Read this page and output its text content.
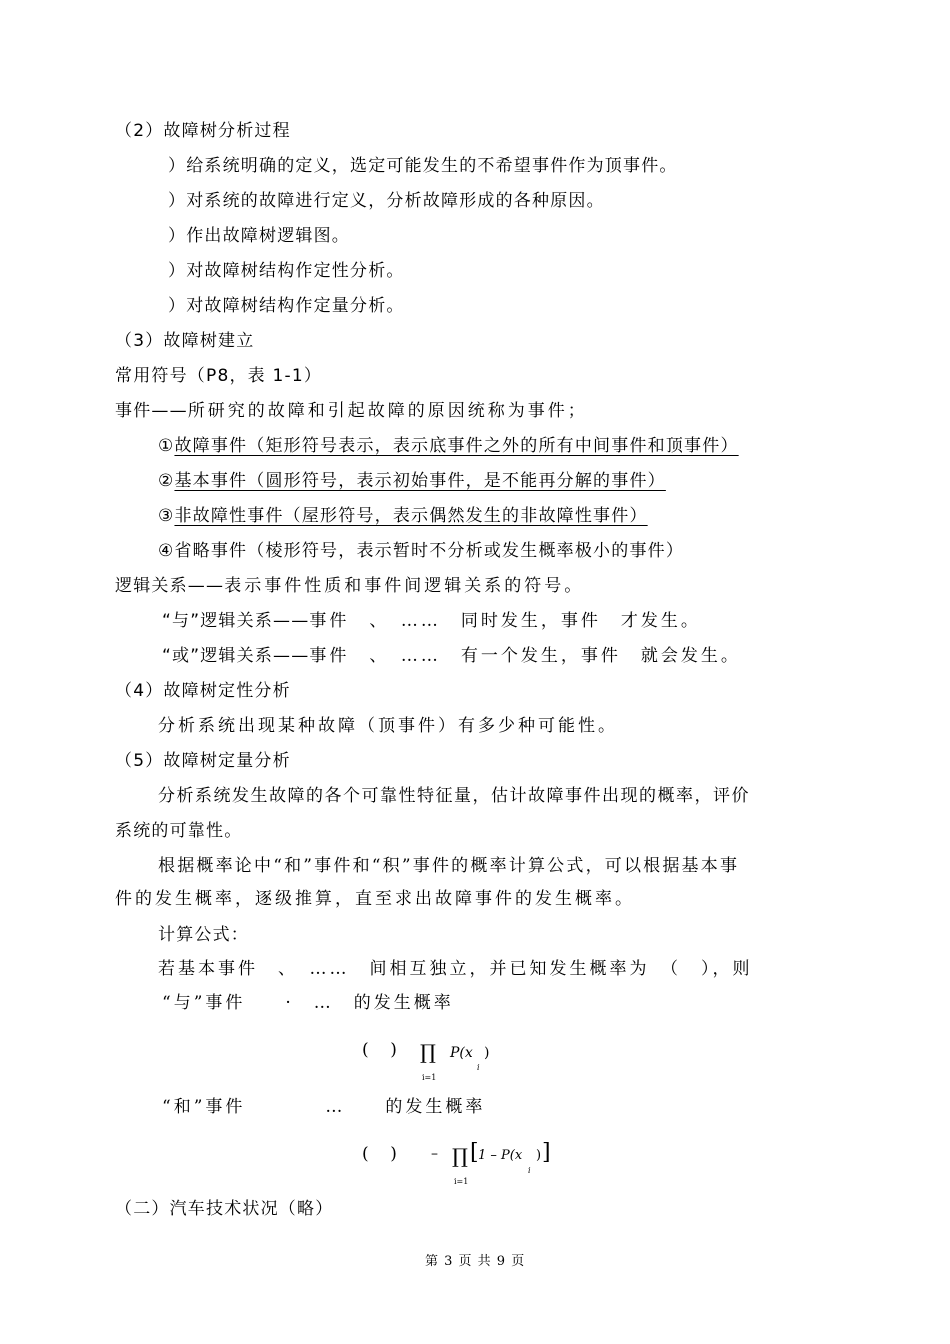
（2）故障树分析过程
）给系统明确的定义，选定可能发生的不希望事件作为顶事件。
）对系统的故障进行定义，分析故障形成的各种原因。
）作出故障树逻辑图。
）对故障树结构作定性分析。
）对故障树结构作定量分析。
（3）故障树建立
常用符号（P8，表 1-1）
事件——所研究的故障和引起故障的原因统称为事件；
①故障事件（矩形符号表示，表示底事件之外的所有中间事件和顶事件）
②基本事件（圆形符号，表示初始事件，是不能再分解的事件）
③非故障性事件（屋形符号，表示偶然发生的非故障性事件）
④省略事件（棱形符号，表示暂时不分析或发生概率极小的事件）
逻辑关系——表示事件性质和事件间逻辑关系的符号。
“与”逻辑关系——事件　、　……　同时发生，事件　才发生。
“或”逻辑关系——事件　、　……　有一个发生，事件　就会发生。
（4）故障树定性分析
分析系统出现某种故障（顶事件）有多少种可能性。
（5）故障树定量分析
分析系统发生故障的各个可靠性特征量，估计故障事件出现的概率，评价
系统的可靠性。
根据概率论中“和”事件和“积”事件的概率计算公式，可以根据基本事
件的发生概率，逐级推算，直至求出故障事件的发生概率。
计算公式：
若基本事件　、　……　间相互独立，并已知发生概率为　（　），则
“与”事件　　·　…　的发生概率
(    ) ∏
i=1
P(x )
i
“和”事件　　　　…　　的发生概率
(    ) – ∏
i=1
[ 1 – P(x ) ]
i
（二）汽车技术状况（略）
第 3 页 共 9 页
